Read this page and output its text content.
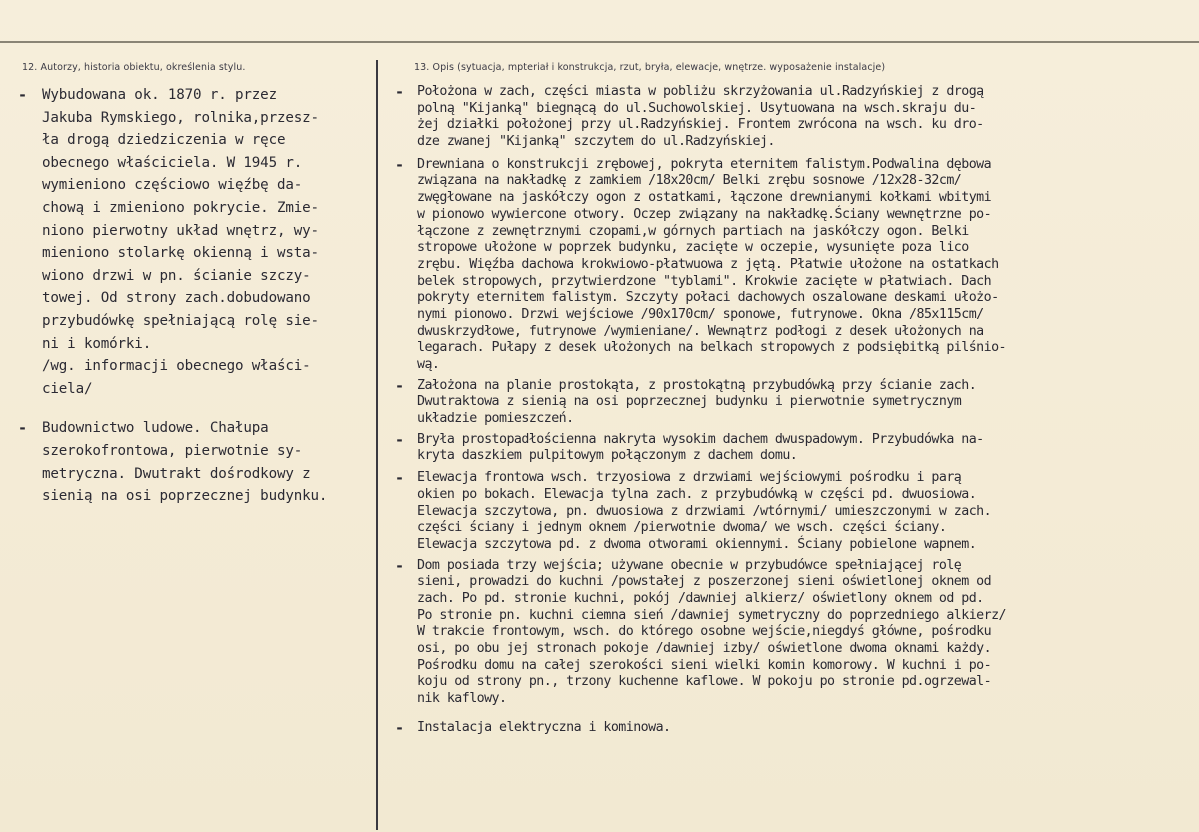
12. Autorzy, historia obiektu, określenia stylu.	13. Opis (sytuacja, mpteriał i konstrukcja, rzut, bryła, elewacje, wnętrze. wyposażenie instalacje)
-	Wybudowana ok. 1870 r. przez
Jakuba Rymskiego, rolnika,przesz-
ła drogą dziedziczenia w ręce
obecnego właściciela. W 1945 r.
wymieniono częściowo więźbę da-
chową i zmieniono pokrycie. Zmie-
niono pierwotny układ wnętrz, wy-
mieniono stolarkę okienną i wsta-
wiono drzwi w pn. ścianie szczy-
towej. Od strony zach.dobudowano
przybudówkę spełniającą rolę sie-
ni i komórki.
/wg. informacji obecnego właści-
ciela/
-	Budownictwo ludowe. Chałupa
szerokofrontowa, pierwotnie sy-
metryczna. Dwutrakt dośrodkowy z
sienią na osi poprzecznej budynku.
- Położona w zach, części miasta w pobliżu skrzyżowania ul.Radzyńskiej z drogą
polną "Kijanką" biegnącą do ul.Suchowolskiej. Usytuowana na wsch.skraju du-
żej działki położonej przy ul.Radzyńskiej. Frontem zwrócona na wsch. ku dro-
dze zwanej "Kijanką" szczytem do ul.Radzyńskiej.
- Drewniana o konstrukcji zrębowej, pokryta eternitem falistym.Podwalina dębowa
związana na nakładkę z zamkiem /18x20cm/ Belki zrębu sosnowe /12x28-32cm/
zwęgłowane na jaskółczy ogon z ostatkami, łączone drewnianymi kołkami wbitymi
w pionowo wywiercone otwory. Oczep związany na nakładkę.Ściany wewnętrzne po-
łączone z zewnętrznymi czopami,w górnych partiach na jaskółczy ogon. Belki
stropowe ułożone w poprzek budynku, zacięte w oczepie, wysunięte poza lico
zrębu. Więźba dachowa krokwiowo-płatwuowa z jętą. Płatwie ułożone na ostatkach
belek stropowych, przytwierdzone "tyblami". Krokwie zacięte w płatwiach. Dach
pokryty eternitem falistym. Szczyty połaci dachowych oszalowane deskami ułożo-
nymi pionowo. Drzwi wejściowe /90x170cm/ sponowe, futrynowe. Okna /85x115cm/
dwuskrzydłowe, futrynowe /wymieniane/. Wewnątrz podłogi z desek ułożonych na
legarach. Pułapy z desek ułożonych na belkach stropowych z podsiębitką pilśnio-
wą.
- Założona na planie prostokąta, z prostokątną przybudówką przy ścianie zach.
Dwutraktowa z sienią na osi poprzecznej budynku i pierwotnie symetrycznym
układzie pomieszczeń.
- Bryła prostopadłościenna nakryta wysokim dachem dwuspadowym. Przybudówka na-
kryta daszkiem pulpitowym połączonym z dachem domu.
- Elewacja frontowa wsch. trzyosiowa z drzwiami wejściowymi pośrodku i parą
okien po bokach. Elewacja tylna zach. z przybudówką w części pd. dwuosiowa.
Elewacja szczytowa, pn. dwuosiowa z drzwiami /wtórnymi/ umieszczonymi w zach.
części ściany i jednym oknem /pierwotnie dwoma/ we wsch. części ściany.
Elewacja szczytowa pd. z dwoma otworami okiennymi. Ściany pobielone wapnem.
- Dom posiada trzy wejścia; używane obecnie w przybudówce spełniającej rolę
sieni, prowadzi do kuchni /powstałej z poszerzonej sieni oświetlonej oknem od
zach. Po pd. stronie kuchni, pokój /dawniej alkierz/ oświetlony oknem od pd.
Po stronie pn. kuchni ciemna sień /dawniej symetryczny do poprzedniego alkierz/
W trakcie frontowym, wsch. do którego osobne wejście,niegdyś główne, pośrodku
osi, po obu jej stronach pokoje /dawniej izby/ oświetlone dwoma oknami każdy.
Pośrodku domu na całej szerokości sieni wielki komin komorowy. W kuchni i po-
koju od strony pn., trzony kuchenne kaflowe. W pokoju po stronie pd.ogrzewal-
nik kaflowy.
- Instalacja elektryczna i kominowa.
